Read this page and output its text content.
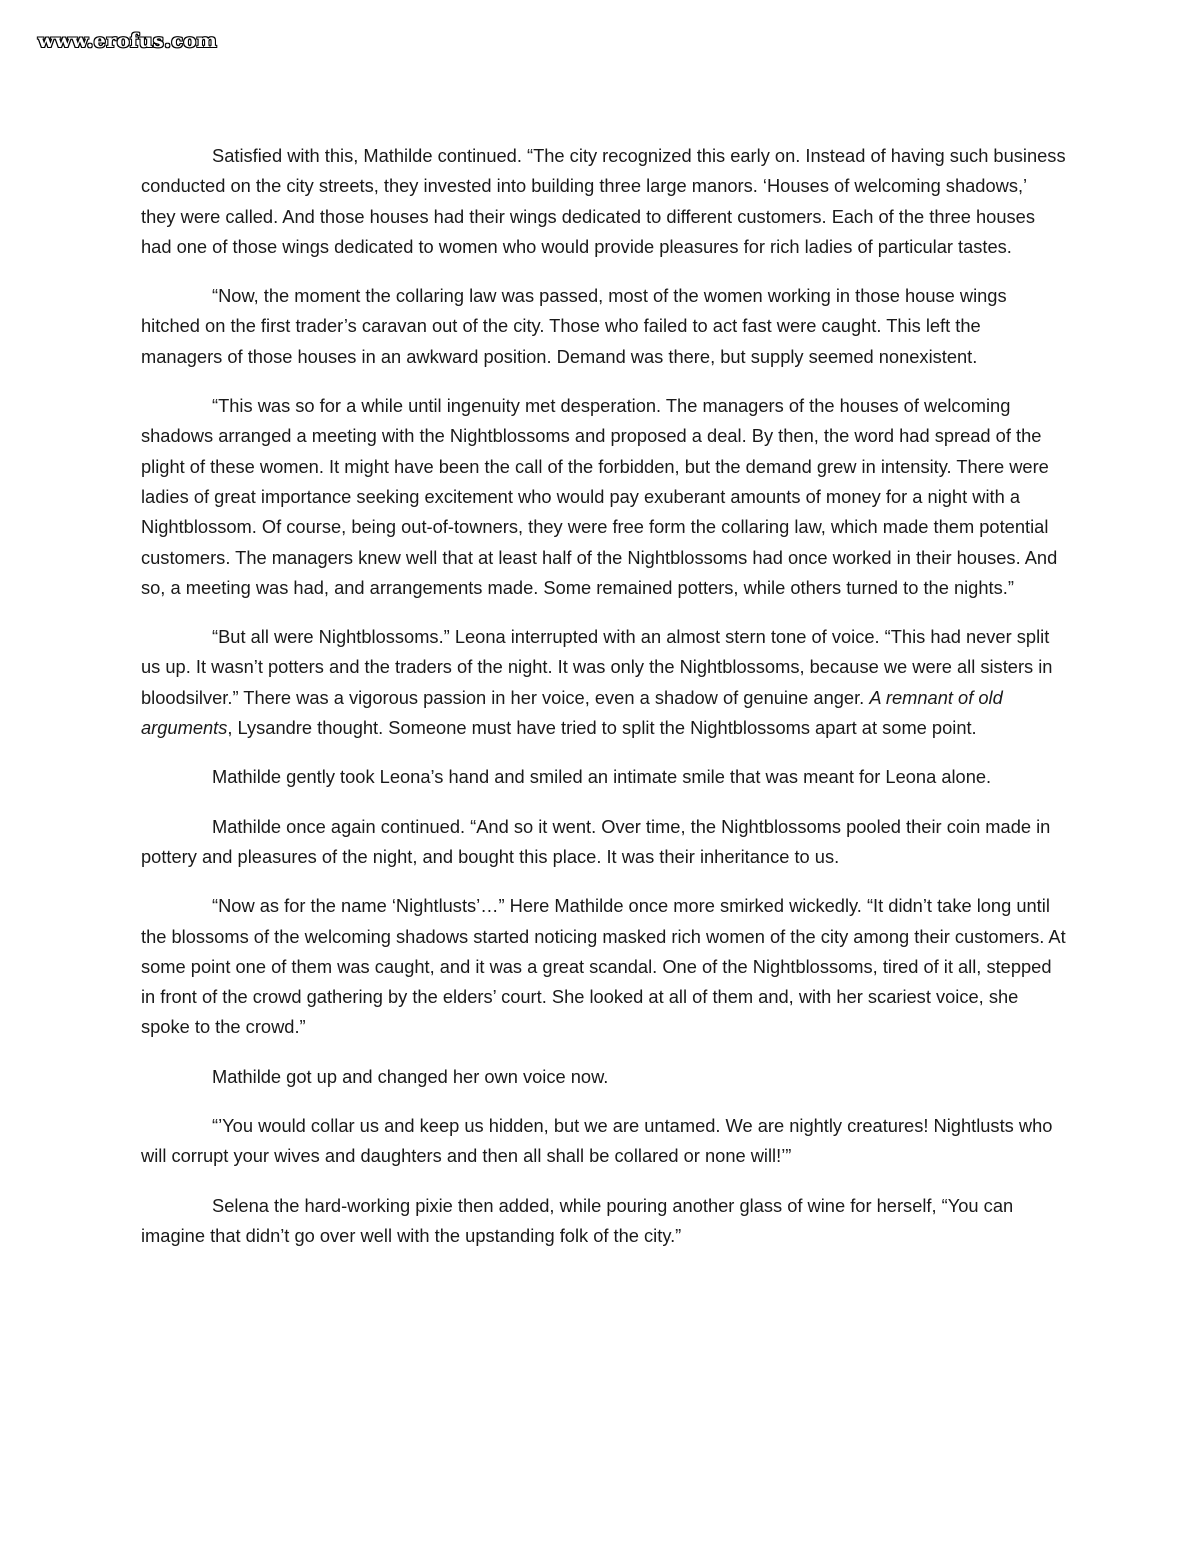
www.erofus.com

Satisfied with this, Mathilde continued. “The city recognized this early on. Instead of having such business conducted on the city streets, they invested into building three large manors. ‘Houses of welcoming shadows,’ they were called. And those houses had their wings dedicated to different customers. Each of the three houses had one of those wings dedicated to women who would provide pleasures for rich ladies of particular tastes.

“Now, the moment the collaring law was passed, most of the women working in those house wings hitched on the first trader’s caravan out of the city. Those who failed to act fast were caught. This left the managers of those houses in an awkward position. Demand was there, but supply seemed nonexistent.

“This was so for a while until ingenuity met desperation. The managers of the houses of welcoming shadows arranged a meeting with the Nightblossoms and proposed a deal. By then, the word had spread of the plight of these women. It might have been the call of the forbidden, but the demand grew in intensity. There were ladies of great importance seeking excitement who would pay exuberant amounts of money for a night with a Nightblossom. Of course, being out-of-towners, they were free form the collaring law, which made them potential customers. The managers knew well that at least half of the Nightblossoms had once worked in their houses. And so, a meeting was had, and arrangements made. Some remained potters, while others turned to the nights.”

“But all were Nightblossoms.” Leona interrupted with an almost stern tone of voice. “This had never split us up. It wasn’t potters and the traders of the night. It was only the Nightblossoms, because we were all sisters in bloodsilver.” There was a vigorous passion in her voice, even a shadow of genuine anger. A remnant of old arguments, Lysandre thought. Someone must have tried to split the Nightblossoms apart at some point.

Mathilde gently took Leona’s hand and smiled an intimate smile that was meant for Leona alone.

Mathilde once again continued. “And so it went. Over time, the Nightblossoms pooled their coin made in pottery and pleasures of the night, and bought this place. It was their inheritance to us.

“Now as for the name ‘Nightlusts’…” Here Mathilde once more smirked wickedly. “It didn’t take long until the blossoms of the welcoming shadows started noticing masked rich women of the city among their customers. At some point one of them was caught, and it was a great scandal. One of the Nightblossoms, tired of it all, stepped in front of the crowd gathering by the elders’ court. She looked at all of them and, with her scariest voice, she spoke to the crowd.”

Mathilde got up and changed her own voice now.

“’You would collar us and keep us hidden, but we are untamed. We are nightly creatures! Nightlusts who will corrupt your wives and daughters and then all shall be collared or none will!’”

Selena the hard-working pixie then added, while pouring another glass of wine for herself, “You can imagine that didn’t go over well with the upstanding folk of the city.”
